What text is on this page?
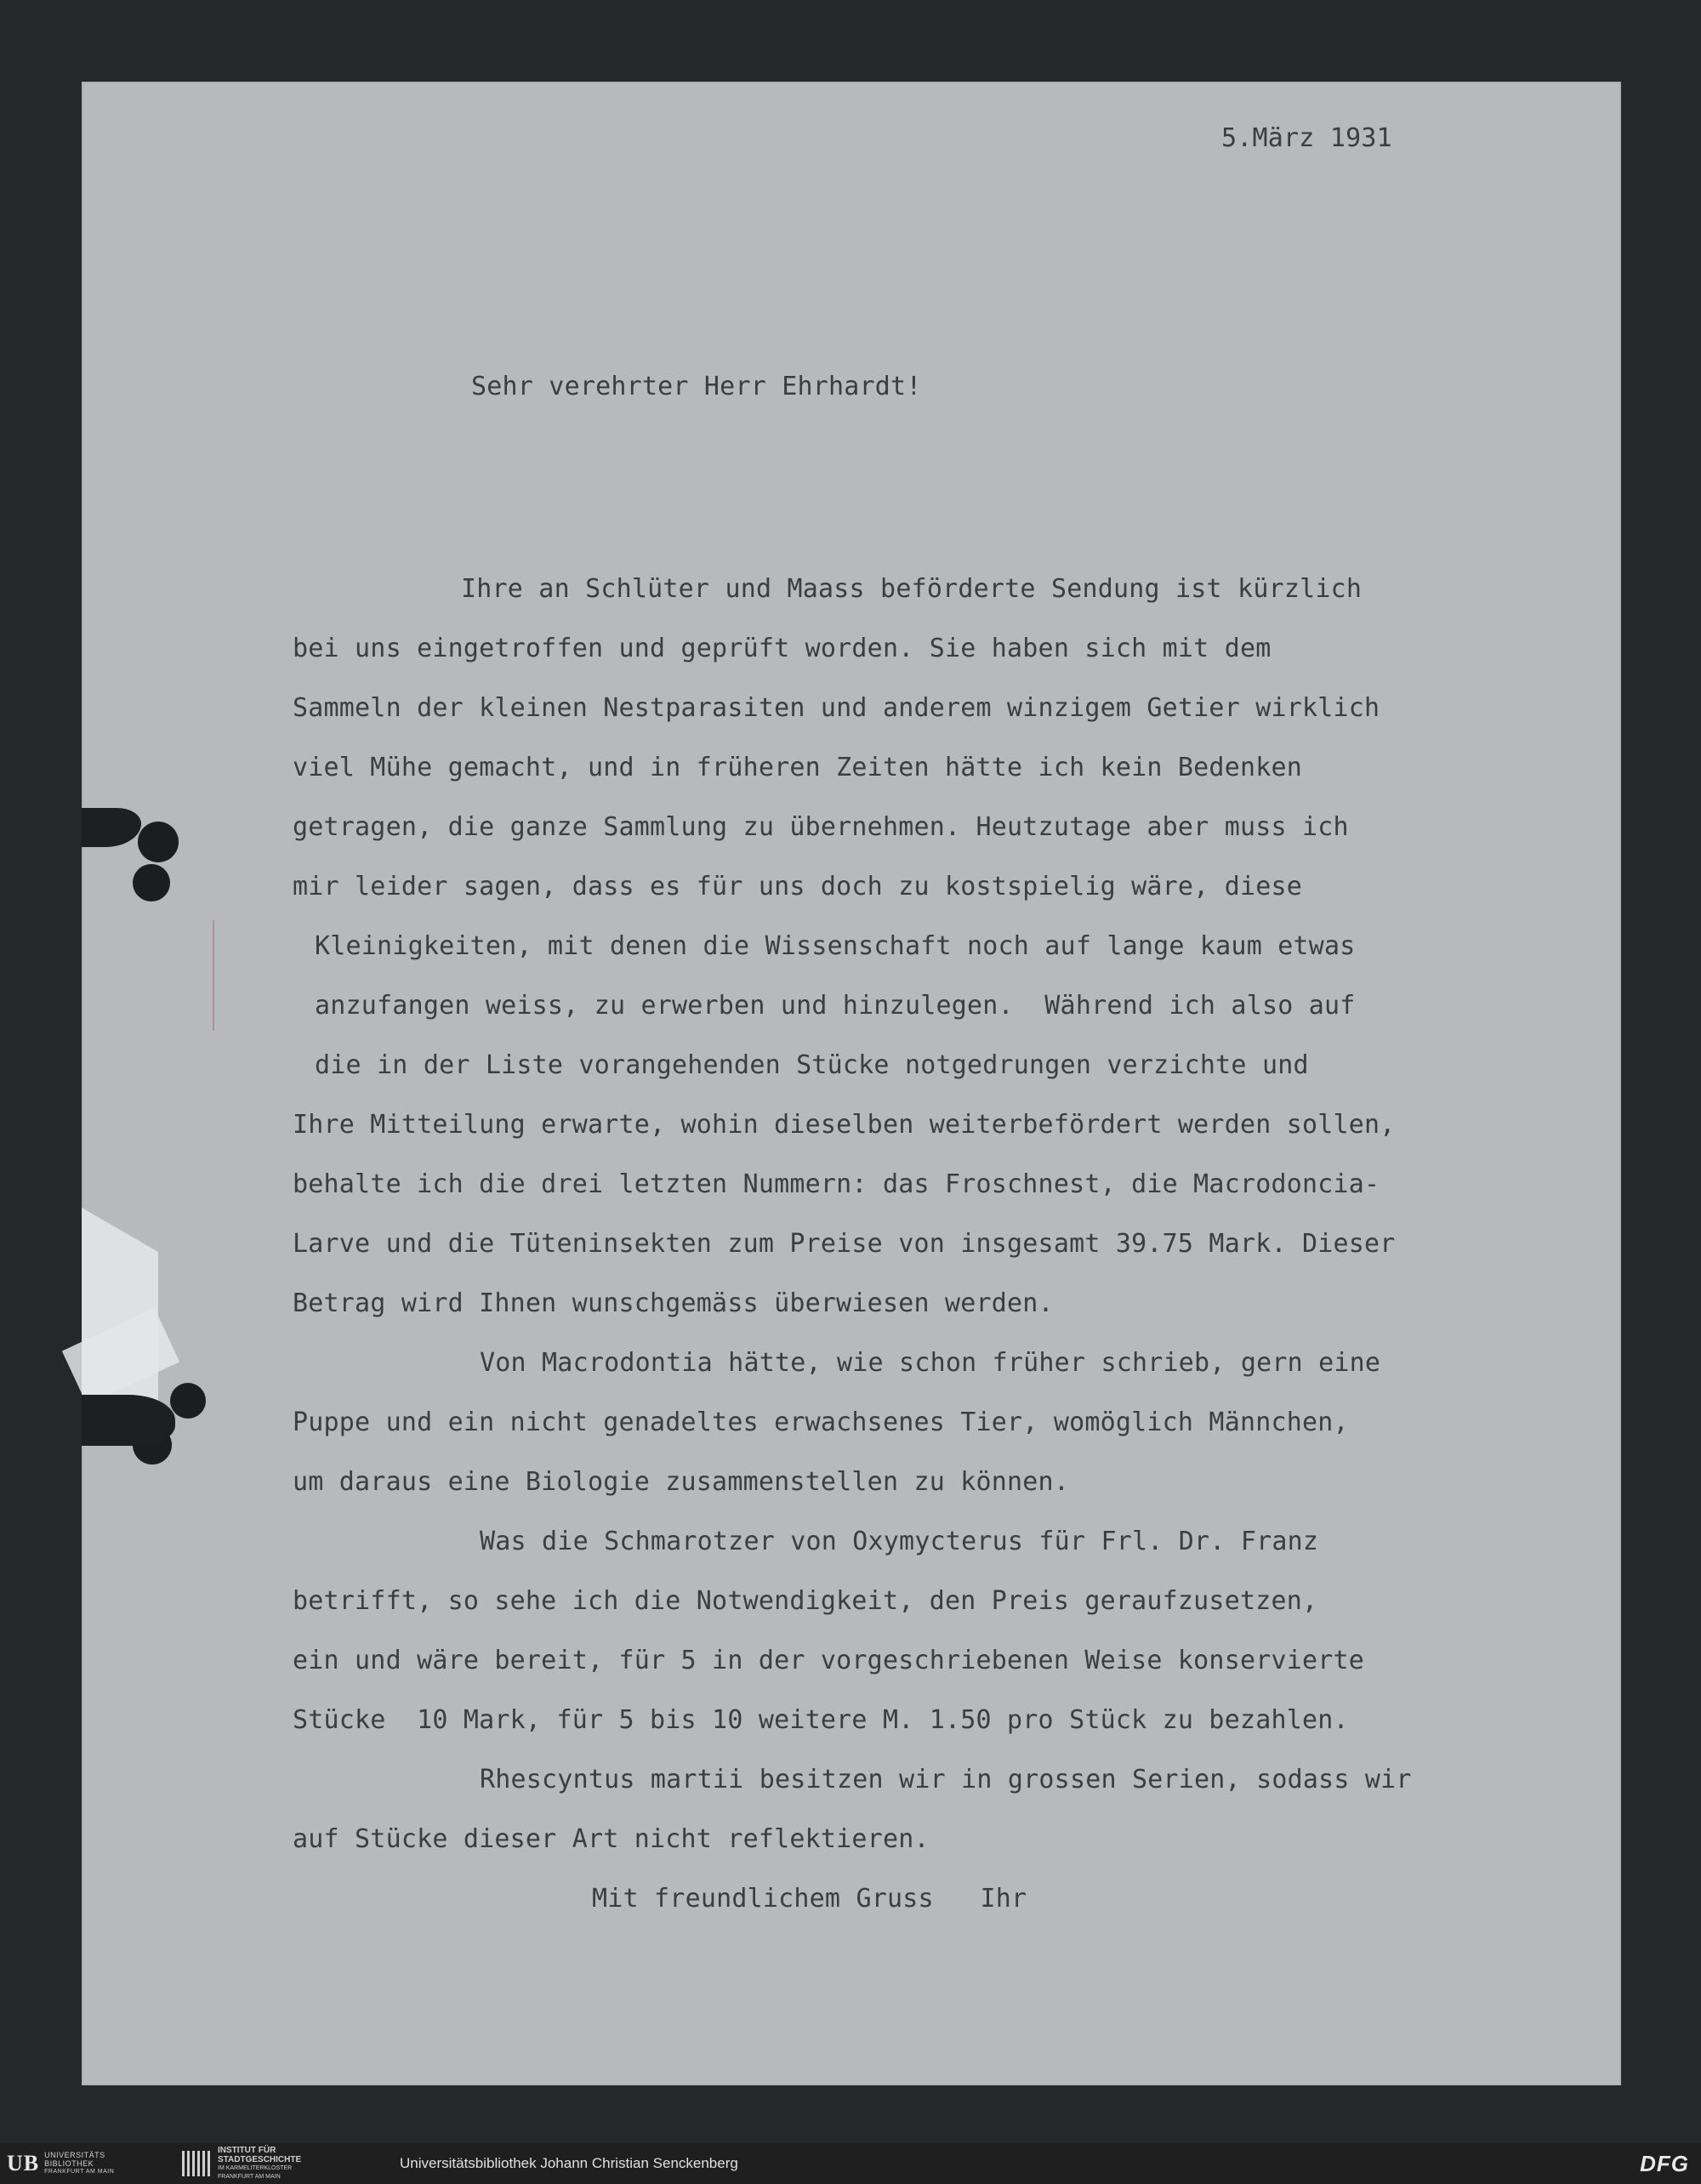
5.März 1931
Sehr verehrter Herr Ehrhardt!
Ihre an Schlüter und Maass beförderte Sendung ist kürzlich
bei uns eingetroffen und geprüft worden. Sie haben sich mit dem
Sammeln der kleinen Nestparasiten und anderem winzigem Getier wirklich
viel Mühe gemacht, und in früheren Zeiten hätte ich kein Bedenken
getragen, die ganze Sammlung zu übernehmen. Heutzutage aber muss ich
mir leider sagen, dass es für uns doch zu kostspielig wäre, diese
Kleinigkeiten, mit denen die Wissenschaft noch auf lange kaum etwas
anzufangen weiss, zu erwerben und hinzulegen.  Während ich also auf
die in der Liste vorangehenden Stücke notgedrungen verzichte und
Ihre Mitteilung erwarte, wohin dieselben weiterbefördert werden sollen,
behalte ich die drei letzten Nummern: das Froschnest, die Macrodoncia-
Larve und die Tüteninsekten zum Preise von insgesamt 39.75 Mark. Dieser
Betrag wird Ihnen wunschgemäss überwiesen werden.
Von Macrodontia hätte, wie schon früher schrieb, gern eine
Puppe und ein nicht genadeltes erwachsenes Tier, womöglich Männchen,
um daraus eine Biologie zusammenstellen zu können.
Was die Schmarotzer von Oxymycterus für Frl. Dr. Franz
betrifft, so sehe ich die Notwendigkeit, den Preis geraufzusetzen,
ein und wäre bereit, für 5 in der vorgeschriebenen Weise konservierte
Stücke  10 Mark, für 5 bis 10 weitere M. 1.50 pro Stück zu bezahlen.
Rhescyntus martii besitzen wir in grossen Serien, sodass wir
auf Stücke dieser Art nicht reflektieren.
Mit freundlichem Gruss   Ihr
UB UNIVERSITÄTS
BIBLIOTHEK
FRANKFURT AM MAIN
INSTITUT FÜR
STADTGESCHICHTE
IM KARMELITERKLOSTER
FRANKFURT AM MAIN
Universitätsbibliothek Johann Christian Senckenberg	DFG
